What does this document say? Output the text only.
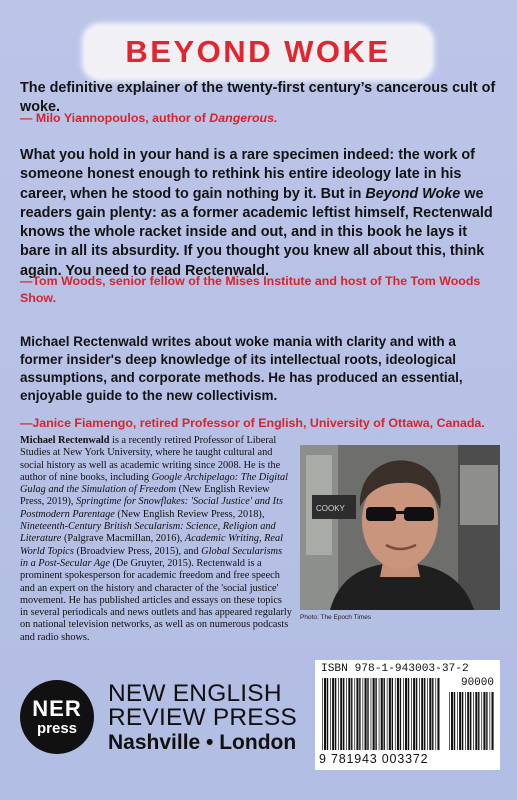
BEYOND WOKE
The definitive explainer of the twenty-first century’s cancerous cult of woke.
— Milo Yiannopoulos, author of Dangerous.
What you hold in your hand is a rare specimen indeed: the work of someone honest enough to rethink his entire ideology late in his career, when he stood to gain nothing by it. But in Beyond Woke we readers gain plenty: as a former academic leftist himself, Rectenwald knows the whole racket inside and out, and in this book he lays it bare in all its absurdity. If you thought you knew all about this, think again. You need to read Rectenwald.
—Tom Woods, senior fellow of the Mises Institute and host of The Tom Woods Show.
Michael Rectenwald writes about woke mania with clarity and with a former insider's deep knowledge of its intellectual roots, ideological assumptions, and corporate methods. He has produced an essential, enjoyable guide to the new collectivism.
—Janice Fiamengo, retired Professor of English, University of Ottawa, Canada.
Michael Rectenwald is a recently retired Professor of Liberal Studies at New York University, where he taught cultural and social history as well as academic writing since 2008. He is the author of nine books, including Google Archipelago: The Digital Gulag and the Simulation of Freedom (New English Review Press, 2019), Springtime for Snowflakes: 'Social Justice' and Its Postmodern Parentage (New English Review Press, 2018), Nineteenth-Century British Secularism: Science, Religion and Literature (Palgrave Macmillan, 2016), Academic Writing, Real World Topics (Broadview Press, 2015), and Global Secularisms in a Post-Secular Age (De Gruyter, 2015). Rectenwald is a prominent spokesperson for academic freedom and free speech and an expert on the history and character of the 'social justice' movement. He has published articles and essays on these topics in several periodicals and news outlets and has appeared regularly on national television networks, as well as on numerous podcasts and radio shows.
COOKY
Photo: The Epoch Times
NER
press
NEW ENGLISH
REVIEW PRESS
Nashville • London
ISBN 978-1-943003-37-2
90000
9 781943 003372
